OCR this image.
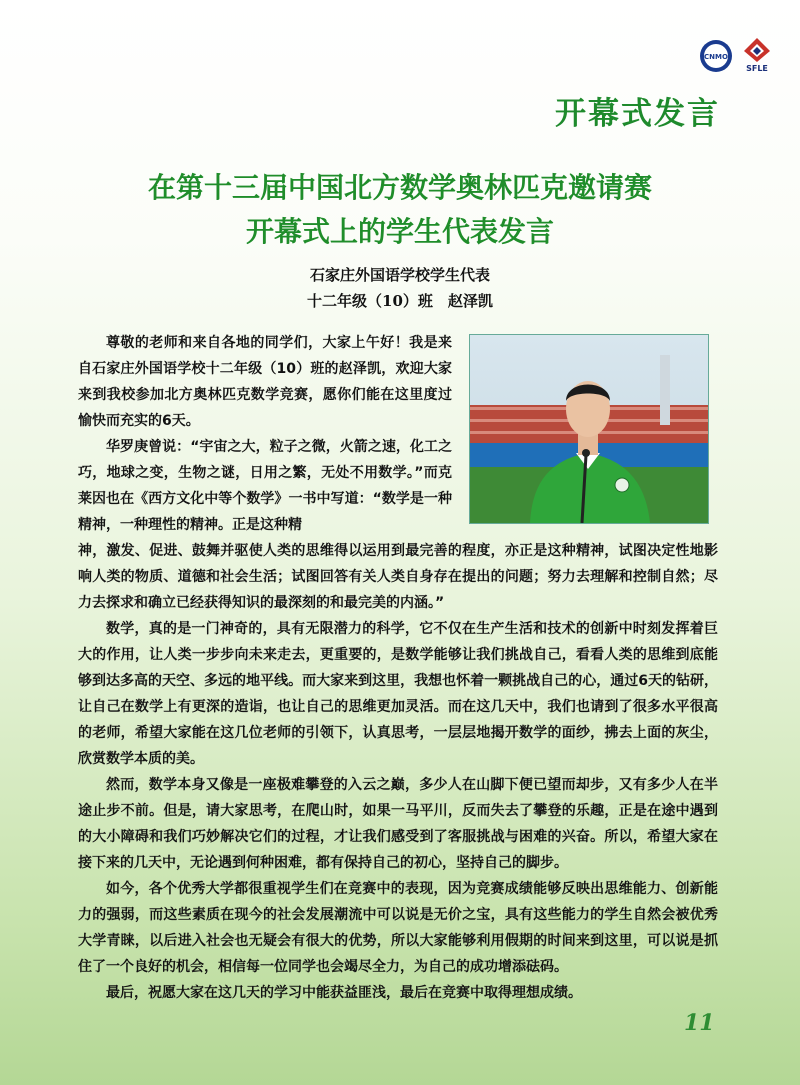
CNMO
SFLE
开幕式发言
在第十三届中国北方数学奥林匹克邀请赛
开幕式上的学生代表发言
石家庄外国语学校学生代表
十二年级（10）班　赵泽凯

尊敬的老师和来自各地的同学们，大家上午好！我是来自石家庄外国语学校十二年级（10）班的赵泽凯，欢迎大家来到我校参加北方奥林匹克数学竞赛，愿你们能在这里度过愉快而充实的6天。

华罗庚曾说：“宇宙之大，粒子之微，火箭之速，化工之巧，地球之变，生物之谜，日用之繁，无处不用数学。”而克莱因也在《西方文化中等个数学》一书中写道：“数学是一种精神，一种理性的精神。正是这种精

神，激发、促进、鼓舞并驱使人类的思维得以运用到最完善的程度，亦正是这种精神，试图决定性地影响人类的物质、道德和社会生活；试图回答有关人类自身存在提出的问题；努力去理解和控制自然；尽力去探求和确立已经获得知识的最深刻的和最完美的内涵。”

数学，真的是一门神奇的，具有无限潜力的科学，它不仅在生产生活和技术的创新中时刻发挥着巨大的作用，让人类一步步向未来走去，更重要的，是数学能够让我们挑战自己，看看人类的思维到底能够到达多高的天空、多远的地平线。而大家来到这里，我想也怀着一颗挑战自己的心，通过6天的钻研，让自己在数学上有更深的造诣，也让自己的思维更加灵活。而在这几天中，我们也请到了很多水平很高的老师，希望大家能在这几位老师的引领下，认真思考，一层层地揭开数学的面纱，拂去上面的灰尘，欣赏数学本质的美。

然而，数学本身又像是一座极难攀登的入云之巅，多少人在山脚下便已望而却步，又有多少人在半途止步不前。但是，请大家思考，在爬山时，如果一马平川，反而失去了攀登的乐趣，正是在途中遇到的大小障碍和我们巧妙解决它们的过程，才让我们感受到了客服挑战与困难的兴奋。所以，希望大家在接下来的几天中，无论遇到何种困难，都有保持自己的初心，坚持自己的脚步。

如今，各个优秀大学都很重视学生们在竞赛中的表现，因为竞赛成绩能够反映出思维能力、创新能力的强弱，而这些素质在现今的社会发展潮流中可以说是无价之宝，具有这些能力的学生自然会被优秀大学青睐，以后进入社会也无疑会有很大的优势，所以大家能够利用假期的时间来到这里，可以说是抓住了一个良好的机会，相信每一位同学也会竭尽全力，为自己的成功增添砝码。

最后，祝愿大家在这几天的学习中能获益匪浅，最后在竞赛中取得理想成绩。

11
